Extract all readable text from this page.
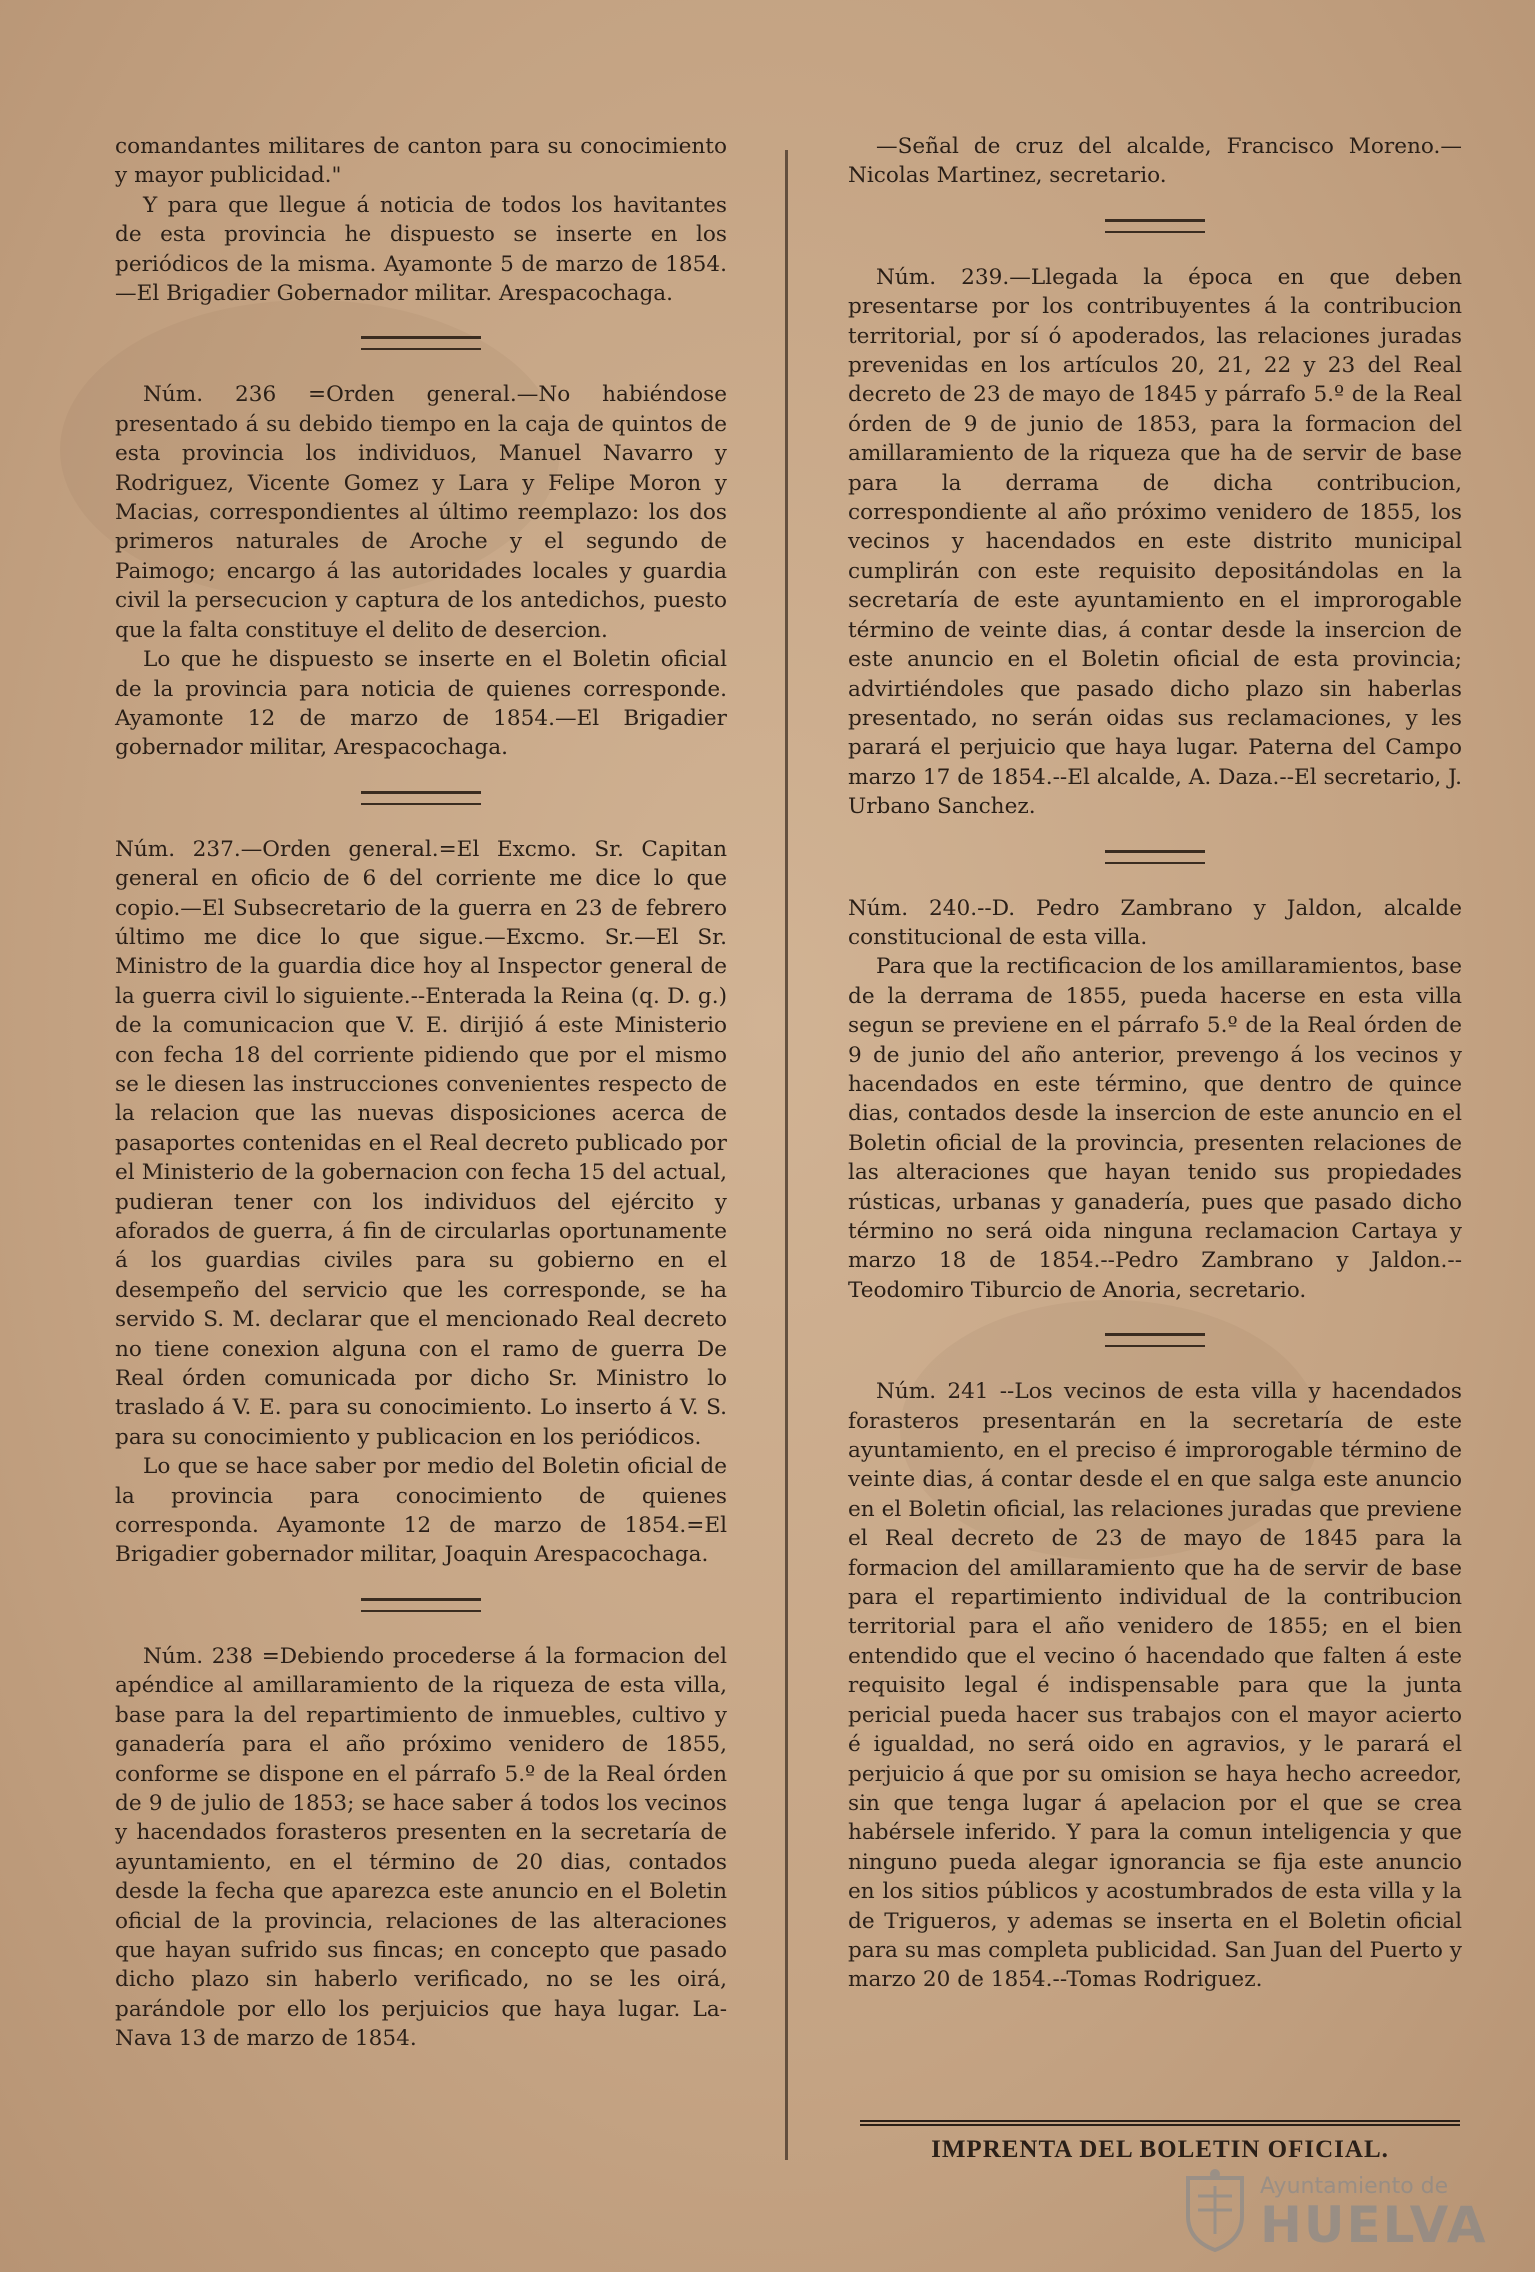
comandantes militares de canton para su conocimiento y mayor publicidad."

Y para que llegue á noticia de todos los havitantes de esta provincia he dispuesto se inserte en los periódicos de la misma. Ayamonte 5 de marzo de 1854. —El Brigadier Gobernador militar. Arespacochaga.

Núm. 236 =Orden general.—No habiéndose presentado á su debido tiempo en la caja de quintos de esta provincia los individuos, Manuel Navarro y Rodriguez, Vicente Gomez y Lara y Felipe Moron y Macias, correspondientes al último reemplazo: los dos primeros naturales de Aroche y el segundo de Paimogo; encargo á las autoridades locales y guardia civil la persecucion y captura de los antedichos, puesto que la falta constituye el delito de desercion.

Lo que he dispuesto se inserte en el Boletin oficial de la provincia para noticia de quienes corresponde. Ayamonte 12 de marzo de 1854.—El Brigadier gobernador militar, Arespacochaga.

Núm. 237.—Orden general.=El Excmo. Sr. Capitan general en oficio de 6 del corriente me dice lo que copio.—El Subsecretario de la guerra en 23 de febrero último me dice lo que sigue.—Excmo. Sr.—El Sr. Ministro de la guardia dice hoy al Inspector general de la guerra civil lo siguiente.--Enterada la Reina (q. D. g.) de la comunicacion que V. E. dirijió á este Ministerio con fecha 18 del corriente pidiendo que por el mismo se le diesen las instrucciones convenientes respecto de la relacion que las nuevas disposiciones acerca de pasaportes contenidas en el Real decreto publicado por el Ministerio de la gobernacion con fecha 15 del actual, pudieran tener con los individuos del ejército y aforados de guerra, á fin de circularlas oportunamente á los guardias civiles para su gobierno en el desempeño del servicio que les corresponde, se ha servido S. M. declarar que el mencionado Real decreto no tiene conexion alguna con el ramo de guerra De Real órden comunicada por dicho Sr. Ministro lo traslado á V. E. para su conocimiento. Lo inserto á V. S. para su conocimiento y publicacion en los periódicos.

Lo que se hace saber por medio del Boletin oficial de la provincia para conocimiento de quienes corresponda. Ayamonte 12 de marzo de 1854.=El Brigadier gobernador militar, Joaquin Arespacochaga.

Núm. 238 =Debiendo procederse á la formacion del apéndice al amillaramiento de la riqueza de esta villa, base para la del repartimiento de inmuebles, cultivo y ganadería para el año próximo venidero de 1855, conforme se dispone en el párrafo 5.º de la Real órden de 9 de julio de 1853; se hace saber á todos los vecinos y hacendados forasteros presenten en la secretaría de ayuntamiento, en el término de 20 dias, contados desde la fecha que aparezca este anuncio en el Boletin oficial de la provincia, relaciones de las alteraciones que hayan sufrido sus fincas; en concepto que pasado dicho plazo sin haberlo verificado, no se les oirá, parándole por ello los perjuicios que haya lugar. La-Nava 13 de marzo de 1854.

—Señal de cruz del alcalde, Francisco Moreno.—Nicolas Martinez, secretario.

Núm. 239.—Llegada la época en que deben presentarse por los contribuyentes á la contribucion territorial, por sí ó apoderados, las relaciones juradas prevenidas en los artículos 20, 21, 22 y 23 del Real decreto de 23 de mayo de 1845 y párrafo 5.º de la Real órden de 9 de junio de 1853, para la formacion del amillaramiento de la riqueza que ha de servir de base para la derrama de dicha contribucion, correspondiente al año próximo venidero de 1855, los vecinos y hacendados en este distrito municipal cumplirán con este requisito depositándolas en la secretaría de este ayuntamiento en el improrogable término de veinte dias, á contar desde la insercion de este anuncio en el Boletin oficial de esta provincia; advirtiéndoles que pasado dicho plazo sin haberlas presentado, no serán oidas sus reclamaciones, y les parará el perjuicio que haya lugar. Paterna del Campo marzo 17 de 1854.--El alcalde, A. Daza.--El secretario, J. Urbano Sanchez.

Núm. 240.--D. Pedro Zambrano y Jaldon, alcalde constitucional de esta villa.

Para que la rectificacion de los amillaramientos, base de la derrama de 1855, pueda hacerse en esta villa segun se previene en el párrafo 5.º de la Real órden de 9 de junio del año anterior, prevengo á los vecinos y hacendados en este término, que dentro de quince dias, contados desde la insercion de este anuncio en el Boletin oficial de la provincia, presenten relaciones de las alteraciones que hayan tenido sus propiedades rústicas, urbanas y ganadería, pues que pasado dicho término no será oida ninguna reclamacion Cartaya y marzo 18 de 1854.--Pedro Zambrano y Jaldon.--Teodomiro Tiburcio de Anoria, secretario.

Núm. 241 --Los vecinos de esta villa y hacendados forasteros presentarán en la secretaría de este ayuntamiento, en el preciso é improrogable término de veinte dias, á contar desde el en que salga este anuncio en el Boletin oficial, las relaciones juradas que previene el Real decreto de 23 de mayo de 1845 para la formacion del amillaramiento que ha de servir de base para el repartimiento individual de la contribucion territorial para el año venidero de 1855; en el bien entendido que el vecino ó hacendado que falten á este requisito legal é indispensable para que la junta pericial pueda hacer sus trabajos con el mayor acierto é igualdad, no será oido en agravios, y le parará el perjuicio á que por su omision se haya hecho acreedor, sin que tenga lugar á apelacion por el que se crea habérsele inferido. Y para la comun inteligencia y que ninguno pueda alegar ignorancia se fija este anuncio en los sitios públicos y acostumbrados de esta villa y la de Trigueros, y ademas se inserta en el Boletin oficial para su mas completa publicidad. San Juan del Puerto y marzo 20 de 1854.--Tomas Rodriguez.

IMPRENTA DEL BOLETIN OFICIAL.
Ayuntamiento de
HUELVA
